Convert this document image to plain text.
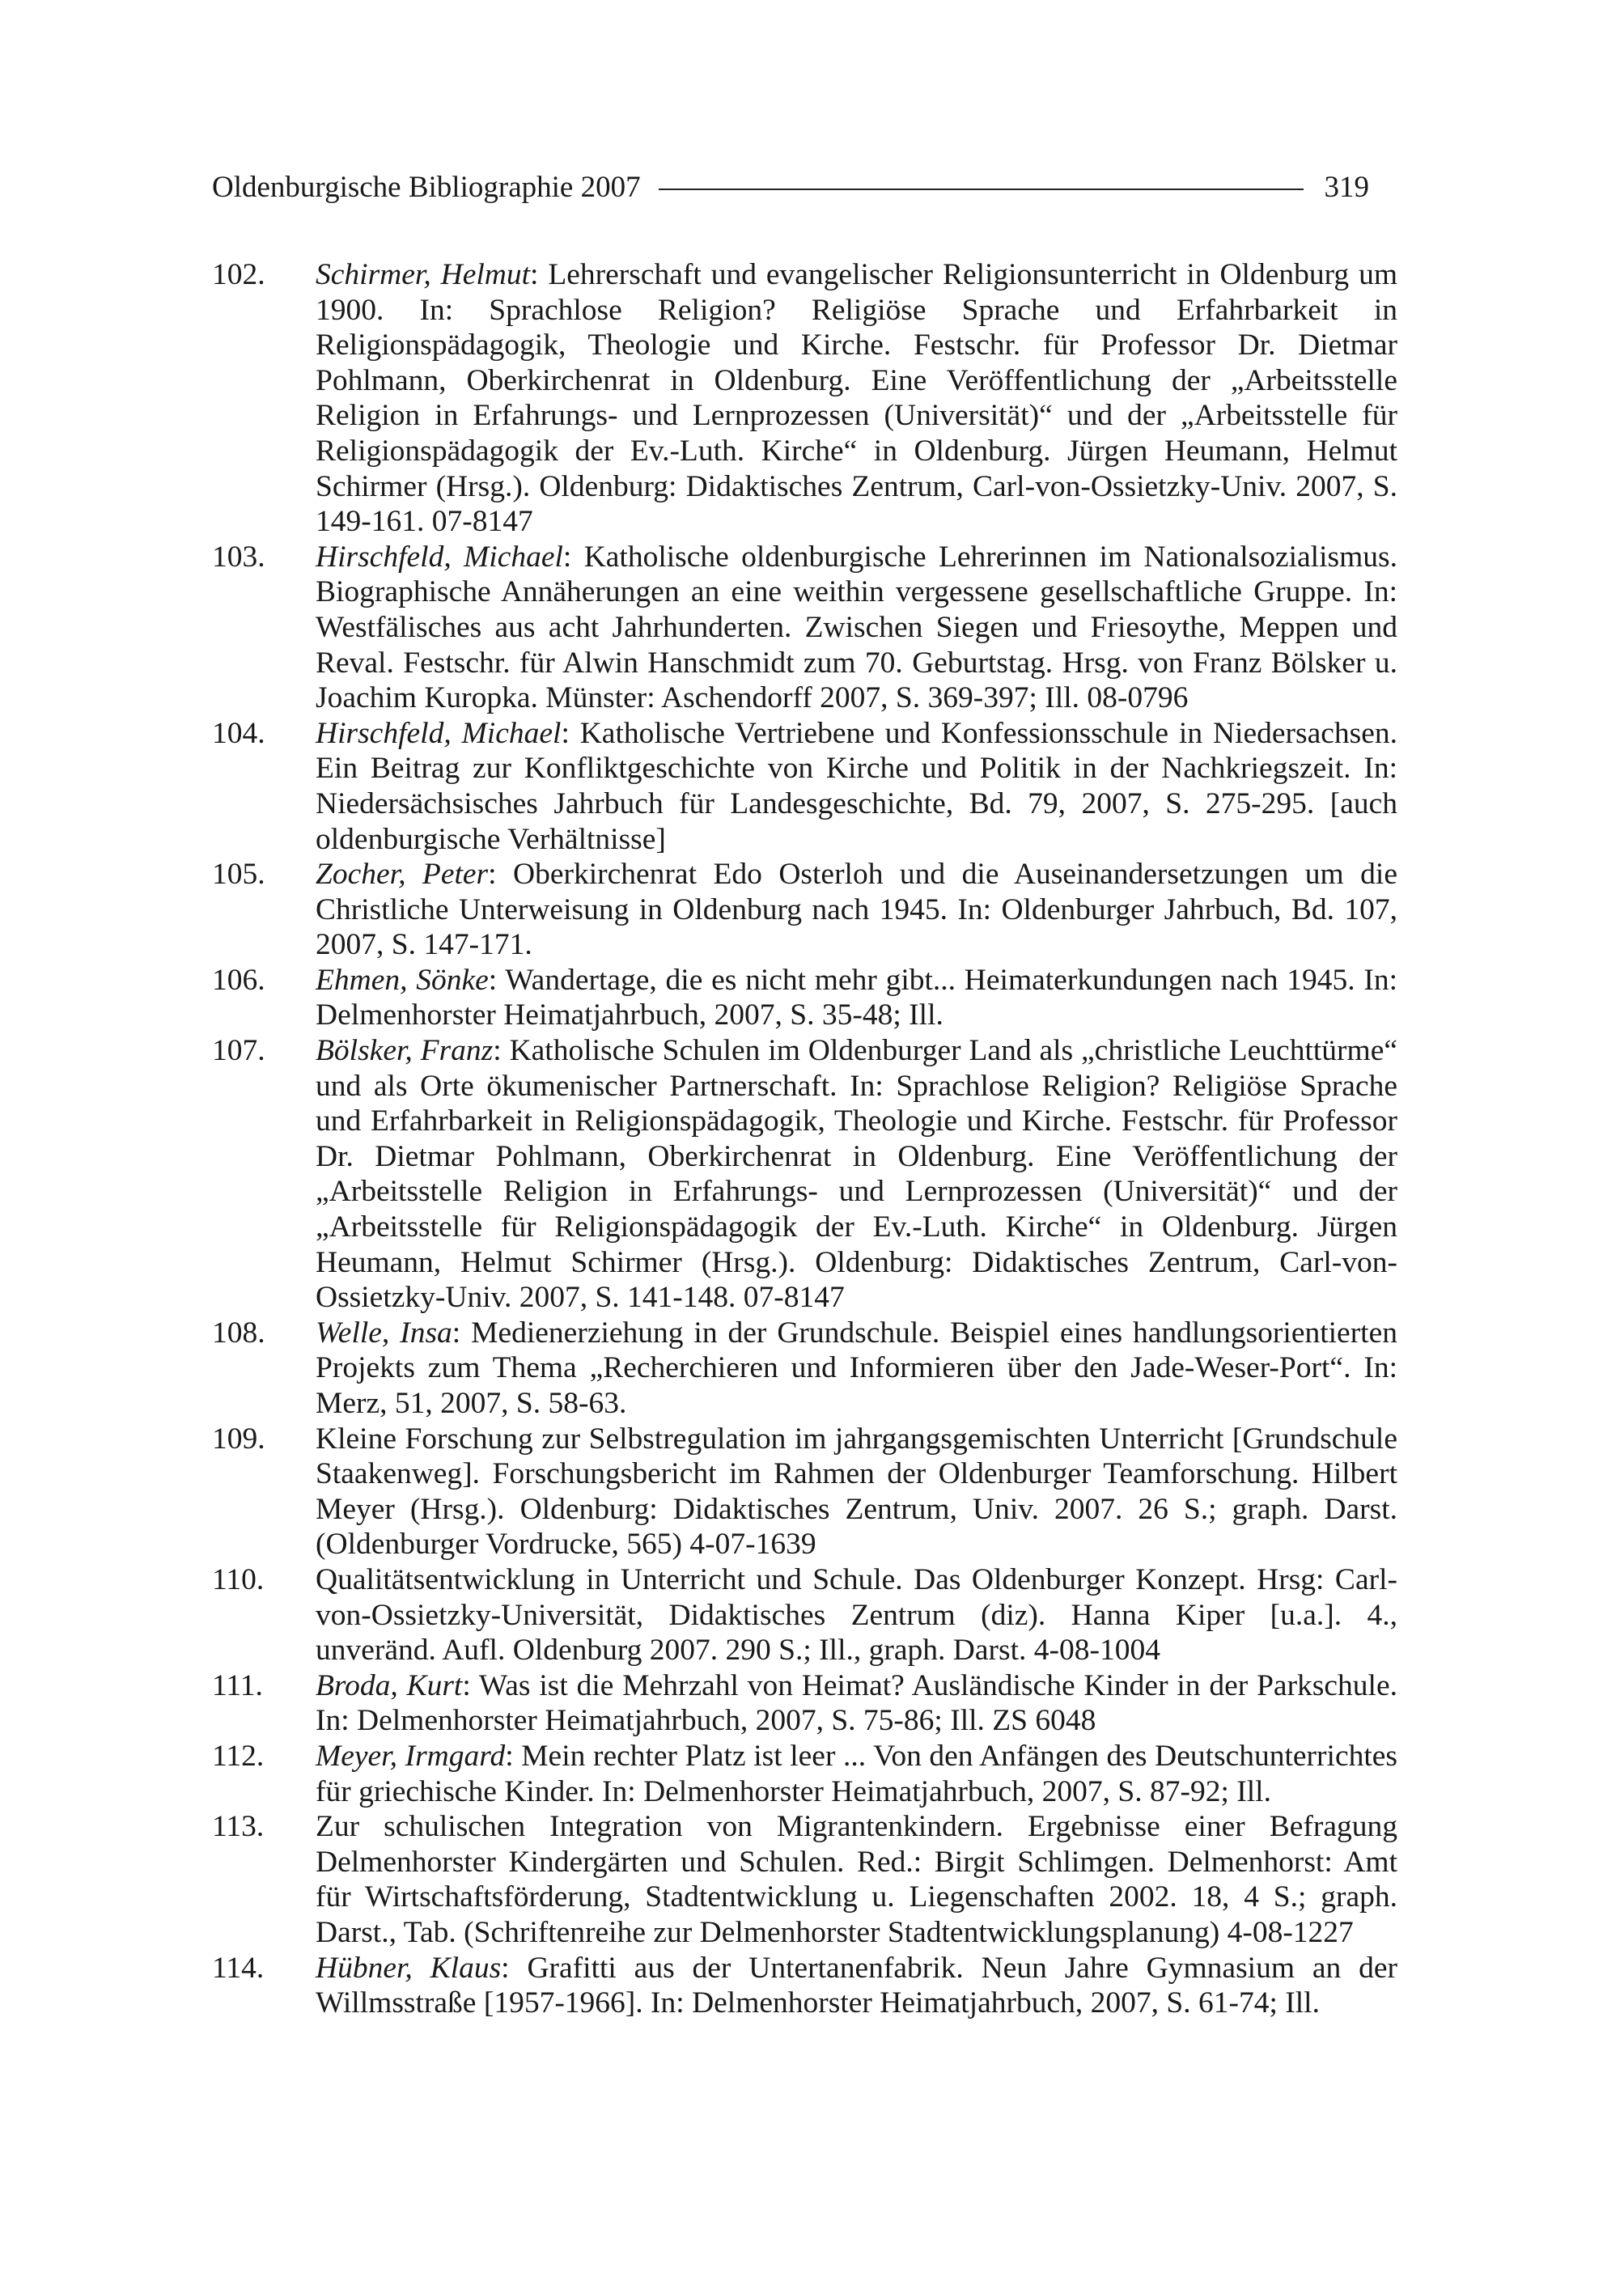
Oldenburgische Bibliographie 2007	319
102.	Schirmer, Helmut: Lehrerschaft und evangelischer Religionsunterricht in Oldenburg um 1900. In: Sprachlose Religion? Religiöse Sprache und Erfahrbarkeit in Religionspädagogik, Theologie und Kirche. Festschr. für Professor Dr. Dietmar Pohlmann, Oberkirchenrat in Oldenburg. Eine Veröffentlichung der „Arbeitsstelle Religion in Erfahrungs- und Lernprozessen (Universität)“ und der „Arbeitsstelle für Religionspädagogik der Ev.-Luth. Kirche“ in Oldenburg. Jürgen Heumann, Helmut Schirmer (Hrsg.). Oldenburg: Didaktisches Zentrum, Carl-von-Ossietzky-Univ. 2007, S. 149-161. 07-8147
103.	Hirschfeld, Michael: Katholische oldenburgische Lehrerinnen im Nationalsozialismus. Biographische Annäherungen an eine weithin vergessene gesellschaftliche Gruppe. In: Westfälisches aus acht Jahrhunderten. Zwischen Siegen und Friesoythe, Meppen und Reval. Festschr. für Alwin Hanschmidt zum 70. Geburtstag. Hrsg. von Franz Bölsker u. Joachim Kuropka. Münster: Aschendorff 2007, S. 369-397; Ill. 08-0796
104.	Hirschfeld, Michael: Katholische Vertriebene und Konfessionsschule in Niedersachsen. Ein Beitrag zur Konfliktgeschichte von Kirche und Politik in der Nachkriegszeit. In: Niedersächsisches Jahrbuch für Landesgeschichte, Bd. 79, 2007, S. 275-295. [auch oldenburgische Verhältnisse]
105.	Zocher, Peter: Oberkirchenrat Edo Osterloh und die Auseinandersetzungen um die Christliche Unterweisung in Oldenburg nach 1945. In: Oldenburger Jahrbuch, Bd. 107, 2007, S. 147-171.
106.	Ehmen, Sönke: Wandertage, die es nicht mehr gibt... Heimaterkundungen nach 1945. In: Delmenhorster Heimatjahrbuch, 2007, S. 35-48; Ill.
107.	Bölsker, Franz: Katholische Schulen im Oldenburger Land als „christliche Leuchttürme“ und als Orte ökumenischer Partnerschaft. In: Sprachlose Religion? Religiöse Sprache und Erfahrbarkeit in Religionspädagogik, Theologie und Kirche. Festschr. für Professor Dr. Dietmar Pohlmann, Oberkirchenrat in Oldenburg. Eine Veröffentlichung der „Arbeitsstelle Religion in Erfahrungs- und Lernprozessen (Universität)“ und der „Arbeitsstelle für Religionspädagogik der Ev.-Luth. Kirche“ in Oldenburg. Jürgen Heumann, Helmut Schirmer (Hrsg.). Oldenburg: Didaktisches Zentrum, Carl-von-Ossietzky-Univ. 2007, S. 141-148. 07-8147
108.	Welle, Insa: Medienerziehung in der Grundschule. Beispiel eines handlungsorientierten Projekts zum Thema „Recherchieren und Informieren über den Jade-Weser-Port“. In: Merz, 51, 2007, S. 58-63.
109.	Kleine Forschung zur Selbstregulation im jahrgangsgemischten Unterricht [Grundschule Staakenweg]. Forschungsbericht im Rahmen der Oldenburger Teamforschung. Hilbert Meyer (Hrsg.). Oldenburg: Didaktisches Zentrum, Univ. 2007. 26 S.; graph. Darst. (Oldenburger Vordrucke, 565) 4-07-1639
110.	Qualitätsentwicklung in Unterricht und Schule. Das Oldenburger Konzept. Hrsg: Carl-von-Ossietzky-Universität, Didaktisches Zentrum (diz). Hanna Kiper [u.a.]. 4., unveränd. Aufl. Oldenburg 2007. 290 S.; Ill., graph. Darst. 4-08-1004
111.	Broda, Kurt: Was ist die Mehrzahl von Heimat? Ausländische Kinder in der Parkschule. In: Delmenhorster Heimatjahrbuch, 2007, S. 75-86; Ill. ZS 6048
112.	Meyer, Irmgard: Mein rechter Platz ist leer ... Von den Anfängen des Deutschunterrichtes für griechische Kinder. In: Delmenhorster Heimatjahrbuch, 2007, S. 87-92; Ill.
113.	Zur schulischen Integration von Migrantenkindern. Ergebnisse einer Befragung Delmenhorster Kindergärten und Schulen. Red.: Birgit Schlimgen. Delmenhorst: Amt für Wirtschaftsförderung, Stadtentwicklung u. Liegenschaften 2002. 18, 4 S.; graph. Darst., Tab. (Schriftenreihe zur Delmenhorster Stadtentwicklungsplanung) 4-08-1227
114.	Hübner, Klaus: Grafitti aus der Untertanenfabrik. Neun Jahre Gymnasium an der Willmsstraße [1957-1966]. In: Delmenhorster Heimatjahrbuch, 2007, S. 61-74; Ill.
